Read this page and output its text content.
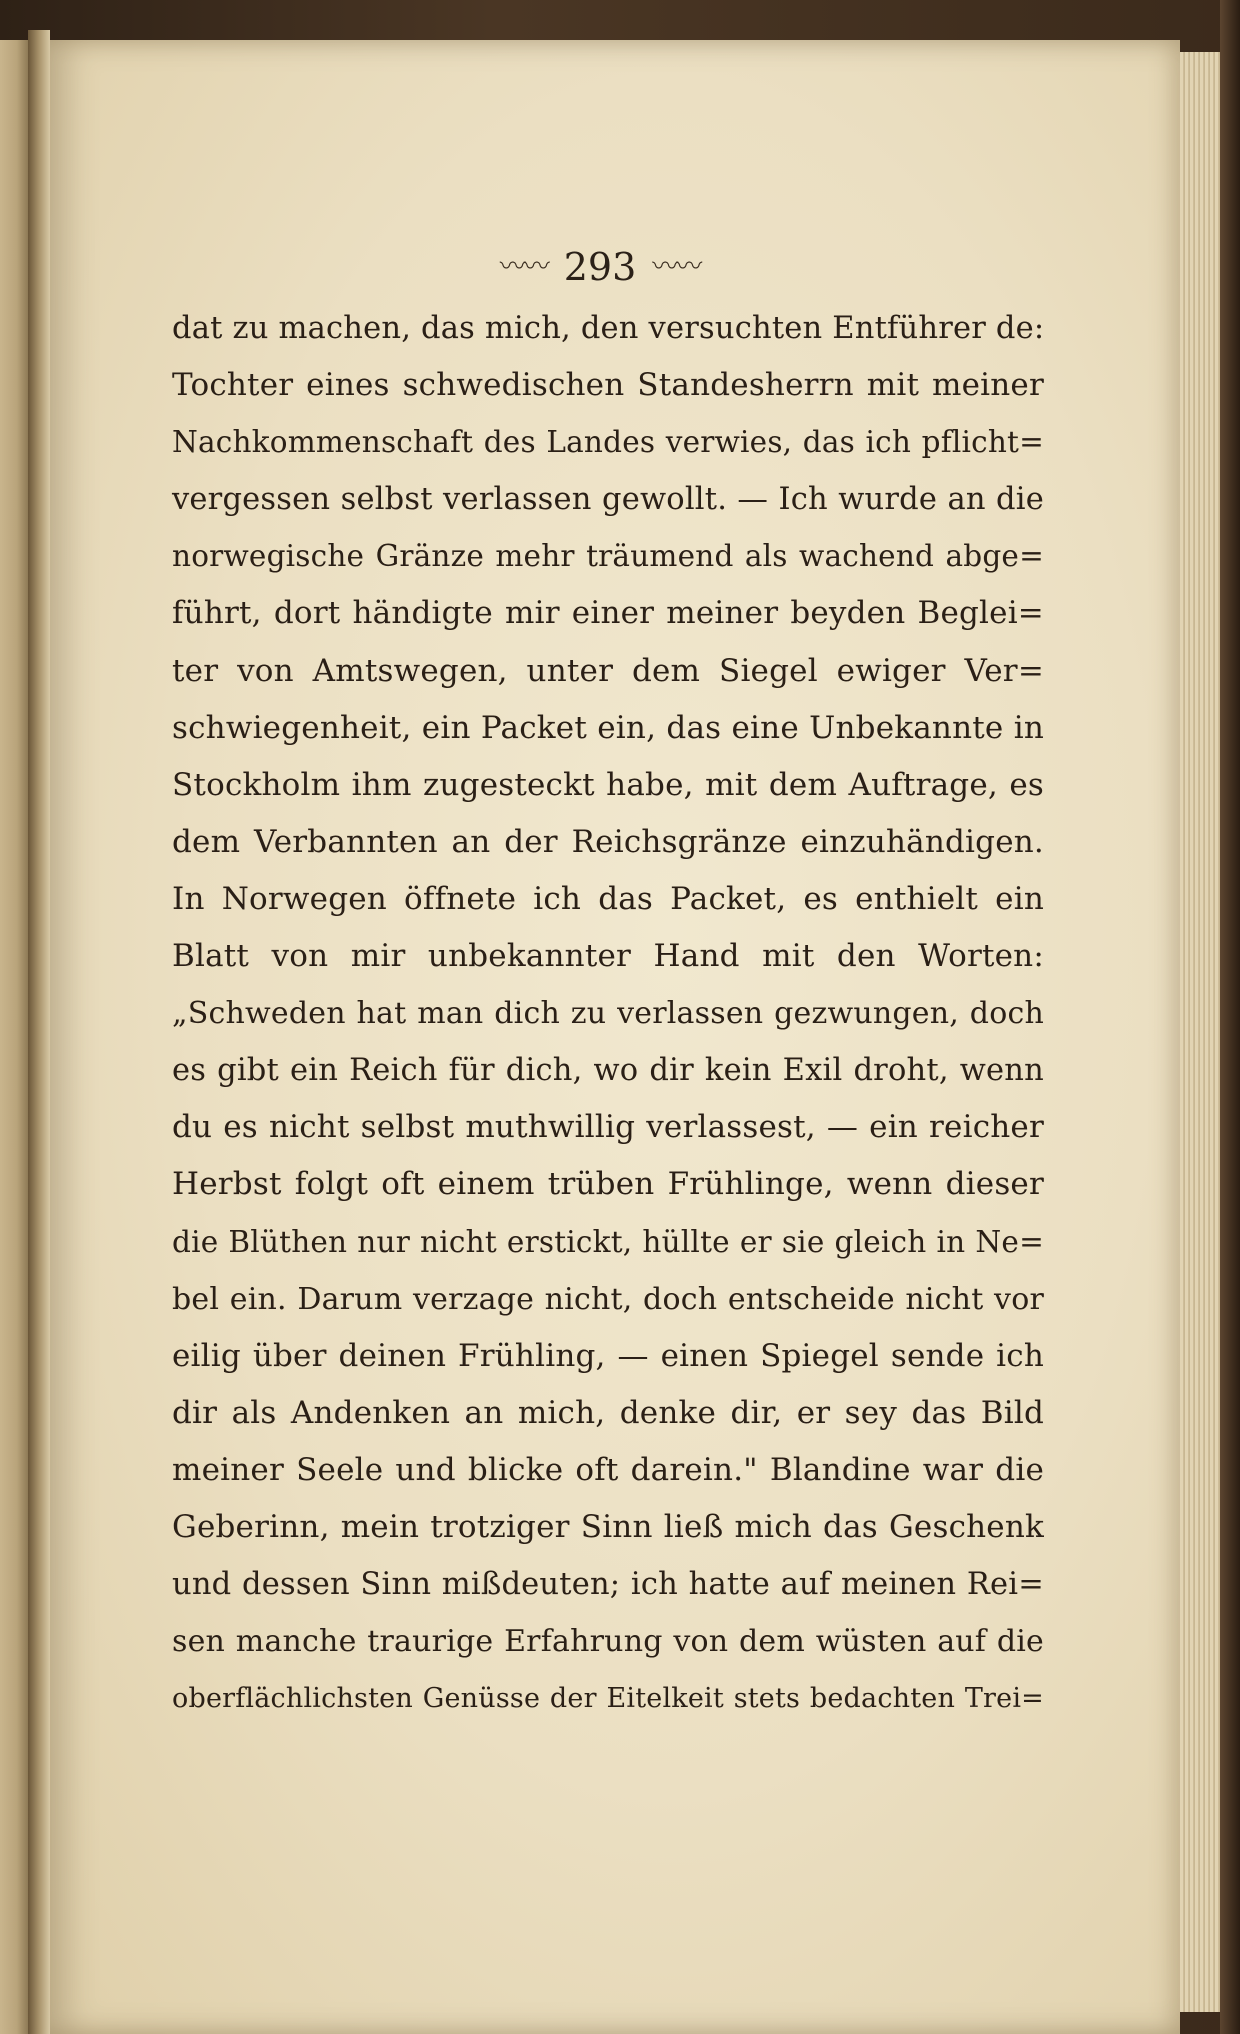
〰〰 293 〰〰
dat zu machen, das mich, den versuchten Entführer de:
Tochter eines schwedischen Standesherrn mit meiner
Nachkommenschaft des Landes verwies, das ich pflicht=
vergessen selbst verlassen gewollt. — Ich wurde an die
norwegische Gränze mehr träumend als wachend abge=
führt, dort händigte mir einer meiner beyden Beglei=
ter von Amtswegen, unter dem Siegel ewiger Ver=
schwiegenheit, ein Packet ein, das eine Unbekannte in
Stockholm ihm zugesteckt habe, mit dem Auftrage, es
dem Verbannten an der Reichsgränze einzuhändigen.
In Norwegen öffnete ich das Packet, es enthielt ein
Blatt von mir unbekannter Hand mit den Worten:
„Schweden hat man dich zu verlassen gezwungen, doch
es gibt ein Reich für dich, wo dir kein Exil droht, wenn
du es nicht selbst muthwillig verlassest, — ein reicher
Herbst folgt oft einem trüben Frühlinge, wenn dieser
die Blüthen nur nicht erstickt, hüllte er sie gleich in Ne=
bel ein. Darum verzage nicht, doch entscheide nicht vor
eilig über deinen Frühling, — einen Spiegel sende ich
dir als Andenken an mich, denke dir, er sey das Bild
meiner Seele und blicke oft darein." Blandine war die
Geberinn, mein trotziger Sinn ließ mich das Geschenk
und dessen Sinn mißdeuten; ich hatte auf meinen Rei=
sen manche traurige Erfahrung von dem wüsten auf die
oberflächlichsten Genüsse der Eitelkeit stets bedachten Trei=
